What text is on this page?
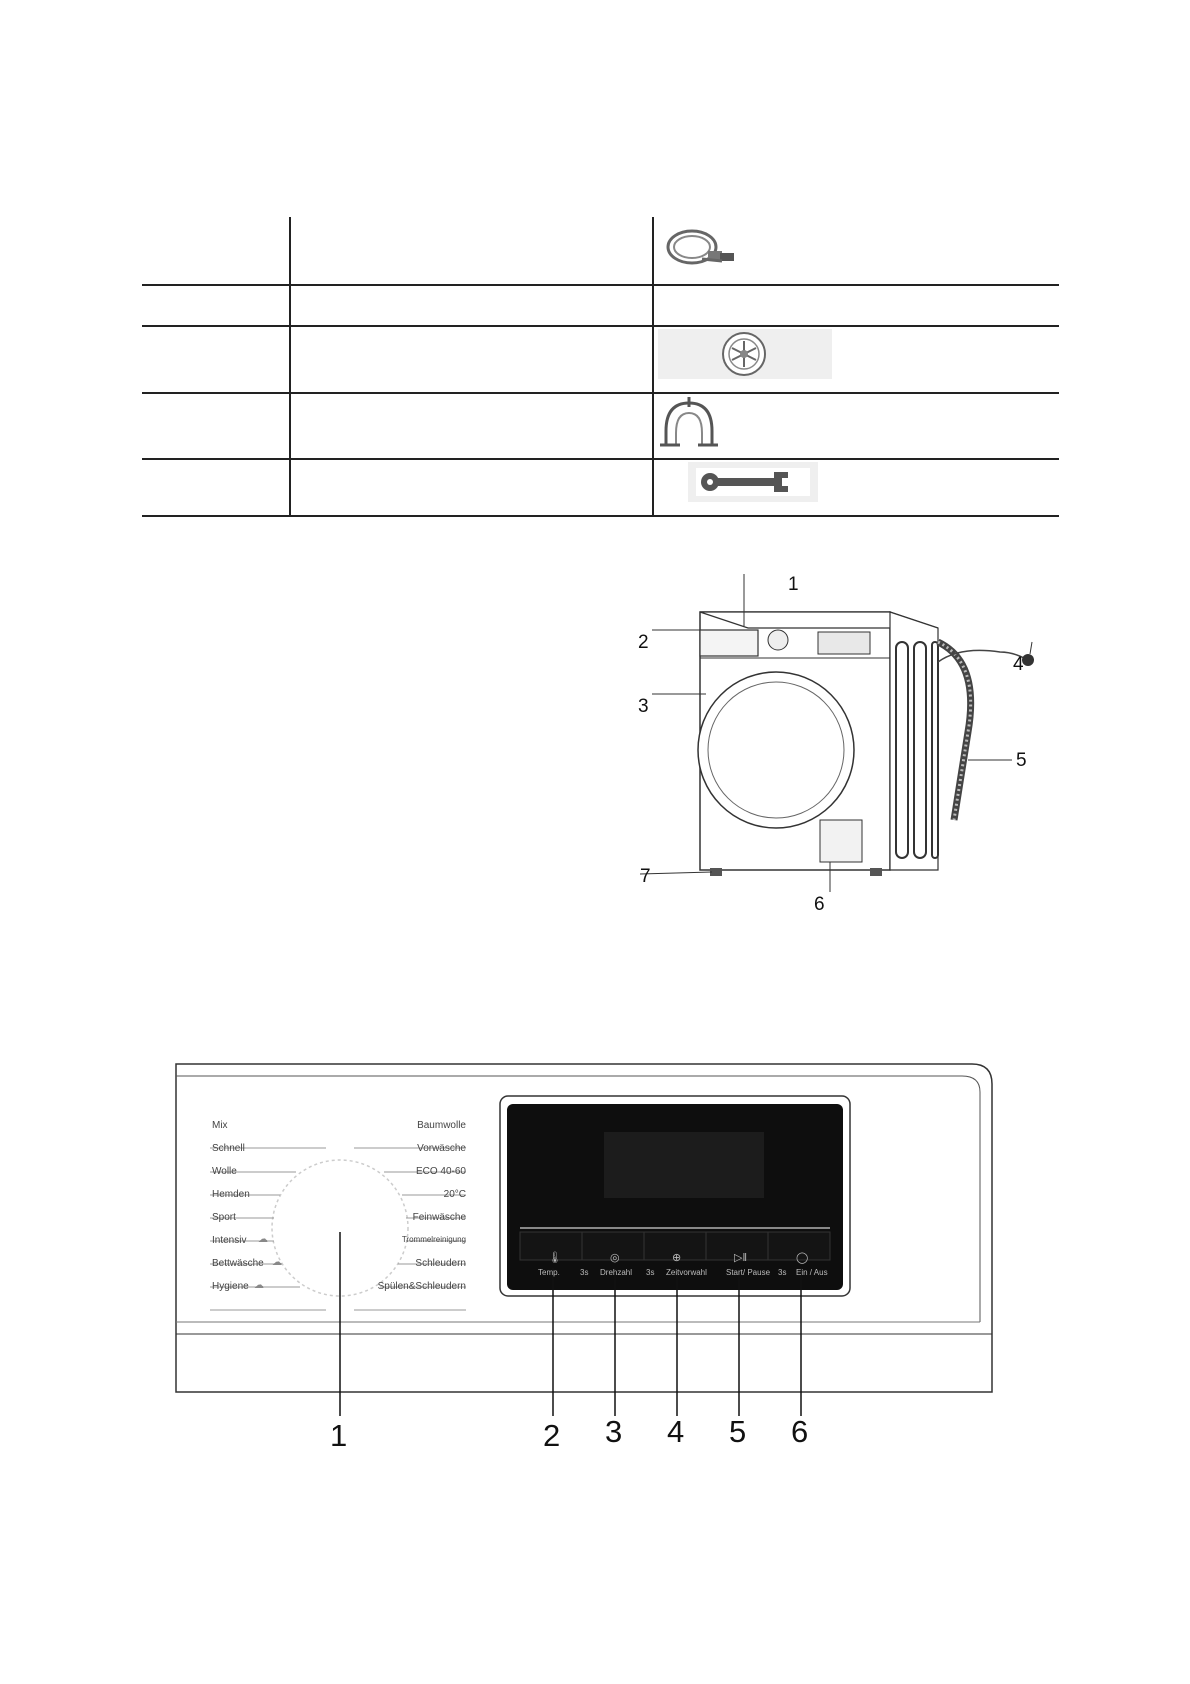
1
2
3
4
5
6
7
Mix
Schnell
Wolle
Hemden
Sport
Intensiv
Bettwäsche
Hygiene
☁
☁
☁
Baumwolle
Vorwäsche
ECO 40-60
20°C
Feinwäsche
Trommelreinigung
Schleudern
Spülen&Schleudern
🌡	◎	⊕	▷‖	◯
Temp.	3s Drehzahl 3s Zeitvorwahl Start/ Pause 3s Ein / Aus
1	2 3 4 5 6
